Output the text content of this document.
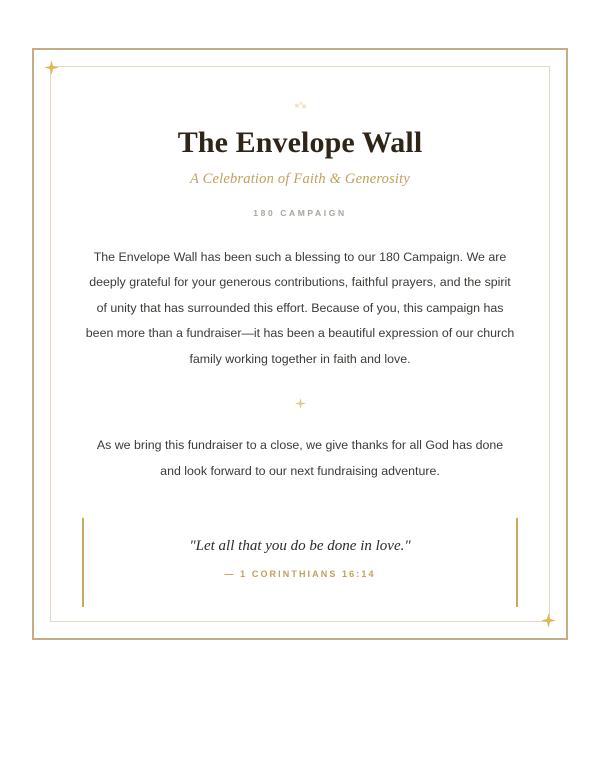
The Envelope Wall

A Celebration of Faith & Generosity

180 CAMPAIGN

The Envelope Wall has been such a blessing to our 180 Campaign. We are deeply grateful for your generous contributions, faithful prayers, and the spirit of unity that has surrounded this effort. Because of you, this campaign has been more than a fundraiser—it has been a beautiful expression of our church family working together in faith and love.

As we bring this fundraiser to a close, we give thanks for all God has done and look forward to our next fundraising adventure.

"Let all that you do be done in love."

— 1 CORINTHIANS 16:14
